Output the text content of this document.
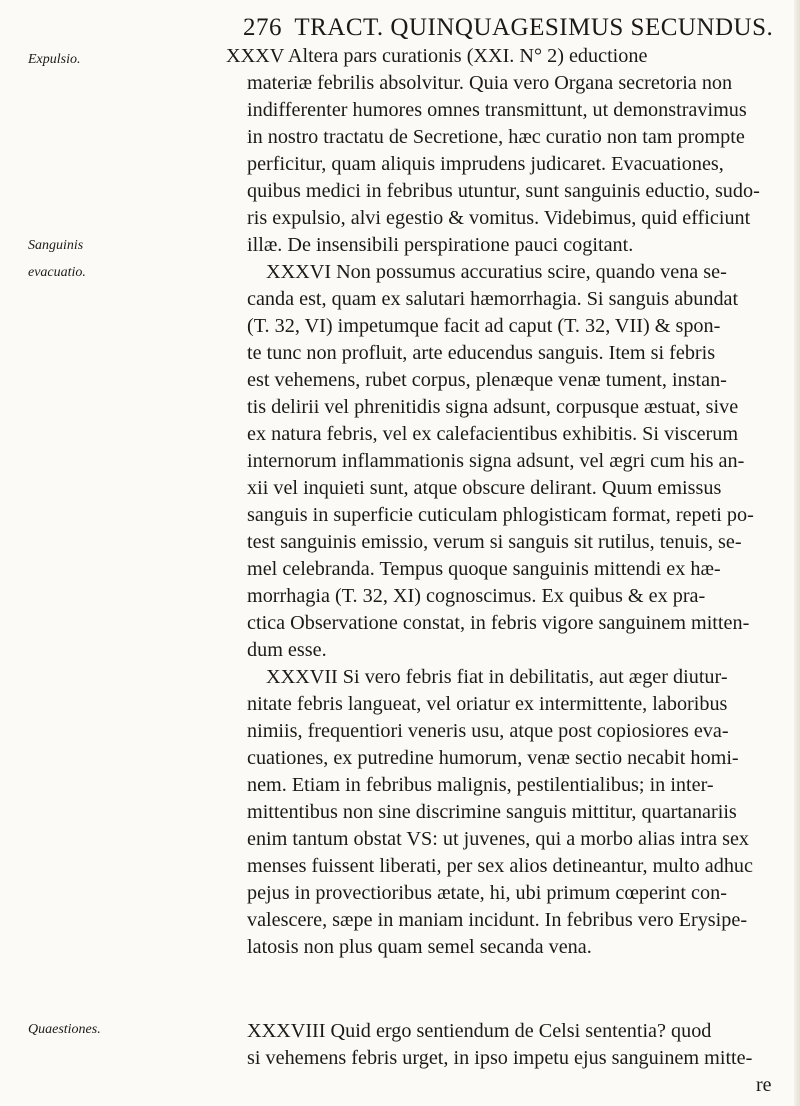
276 TRACT. QUINQUAGESIMUS SECUNDUS.
Expulsio.
Sanguinis
evacuatio.
Quaestiones.
XXXV Altera pars curationis (XXI. N° 2) eductione
materiæ febrilis absolvitur. Quia vero Organa secretoria non
indifferenter humores omnes transmittunt, ut demonstravimus
in nostro tractatu de Secretione, hæc curatio non tam prompte
perficitur, quam aliquis imprudens judicaret. Evacuationes,
quibus medici in febribus utuntur, sunt sanguinis eductio, sudo-
ris expulsio, alvi egestio & vomitus. Videbimus, quid efficiunt
illæ. De insensibili perspiratione pauci cogitant.
XXXVI Non possumus accuratius scire, quando vena se-
canda est, quam ex salutari hæmorrhagia. Si sanguis abundat
(T. 32, VI) impetumque facit ad caput (T. 32, VII) & spon-
te tunc non profluit, arte educendus sanguis. Item si febris
est vehemens, rubet corpus, plenæque venæ tument, instan-
tis delirii vel phrenitidis signa adsunt, corpusque æstuat, sive
ex natura febris, vel ex calefacientibus exhibitis. Si viscerum
internorum inflammationis signa adsunt, vel ægri cum his an-
xii vel inquieti sunt, atque obscure delirant. Quum emissus
sanguis in superficie cuticulam phlogisticam format, repeti po-
test sanguinis emissio, verum si sanguis sit rutilus, tenuis, se-
mel celebranda. Tempus quoque sanguinis mittendi ex hæ-
morrhagia (T. 32, XI) cognoscimus. Ex quibus & ex pra-
ctica Observatione constat, in febris vigore sanguinem mitten-
dum esse.
XXXVII Si vero febris fiat in debilitatis, aut æger diutur-
nitate febris langueat, vel oriatur ex intermittente, laboribus
nimiis, frequentiori veneris usu, atque post copiosiores eva-
cuationes, ex putredine humorum, venæ sectio necabit homi-
nem. Etiam in febribus malignis, pestilentialibus; in inter-
mittentibus non sine discrimine sanguis mittitur, quartanariis
enim tantum obstat VS: ut juvenes, qui a morbo alias intra sex
menses fuissent liberati, per sex alios detineantur, multo adhuc
pejus in provectioribus ætate, hi, ubi primum cœperint con-
valescere, sæpe in maniam incidunt. In febribus vero Erysipe-
latosis non plus quam semel secanda vena.
XXXVIII Quid ergo sentiendum de Celsi sententia? quod
si vehemens febris urget, in ipso impetu ejus sanguinem mitte-
re
